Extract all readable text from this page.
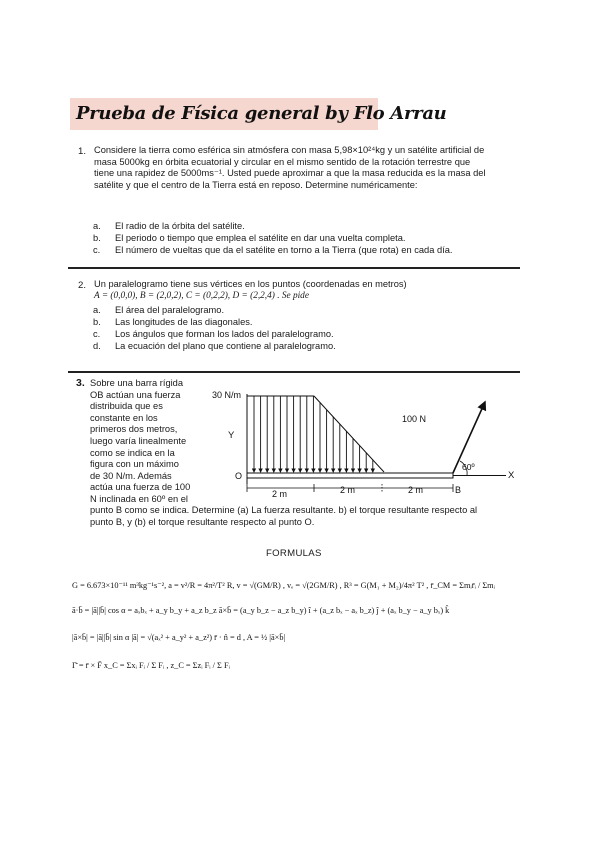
Prueba de Física general by Flo Arrau
1. Considere la tierra como esférica sin atmósfera con masa 5,98×10²⁴kg y un satélite artificial de
masa 5000kg en órbita ecuatorial y circular en el mismo sentido de la rotación terrestre que
tiene una rapidez de 5000ms⁻¹. Usted puede aproximar a que la masa reducida es la masa del
satélite y que el centro de la Tierra está en reposo. Determine numéricamente:
a. El radio de la órbita del satélite.
b. El periodo o tiempo que emplea el satélite en dar una vuelta completa.
c. El número de vueltas que da el satélite en torno a la Tierra (que rota) en cada día.
2. Un paralelogramo tiene sus vértices en los puntos (coordenadas en metros)
A = (0,0,0), B = (2,0,2), C = (0,2,2), D = (2,2,4) . Se pide
a. El área del paralelogramo.
b. Las longitudes de las diagonales.
c. Los ángulos que forman los lados del paralelogramo.
d. La ecuación del plano que contiene al paralelogramo.
3. Sobre una barra rígida
OB actúan una fuerza
distribuida que es
constante en los
primeros dos metros,
luego varía linealmente
como se indica en la
figura con un máximo
de 30 N/m. Además
actúa una fuerza de 100
N inclinada en 60º en el
punto B como se indica. Determine (a) La fuerza resultante. b) el torque resultante respecto al
punto B, y (b) el torque resultante respecto al punto O.
30 N/m
100 N
60º
Y
X
O
B
2 m	2 m	2 m
FORMULAS
G = 6.673×10⁻¹¹ m³kg⁻¹s⁻², a = v²/R = 4π²/T² R, v = √(GM/R) , vₑ = √(2GM/R) , R³ = G(M₁ + M₂)/4π² T² , r̄_CM = Σmᵢr̄ᵢ / Σmᵢ
ā·b̄ = |ā||b̄| cos α = aₓbₓ + a_y b_y + a_z b_z ā×b̄ = (a_y b_z − a_z b_y) î + (a_z bₓ − aₓ b_z) ĵ + (aₓ b_y − a_y bₓ) k̂
|ā×b̄| = |ā||b̄| sin α |ā| = √(aₓ² + a_y² + a_z²) r̄ · n̂ = d , A = ½ |ā×b̄|
Γ̄ = r̄ × F̄ x_C = Σxᵢ Fᵢ / Σ Fᵢ , z_C = Σzᵢ Fᵢ / Σ Fᵢ
